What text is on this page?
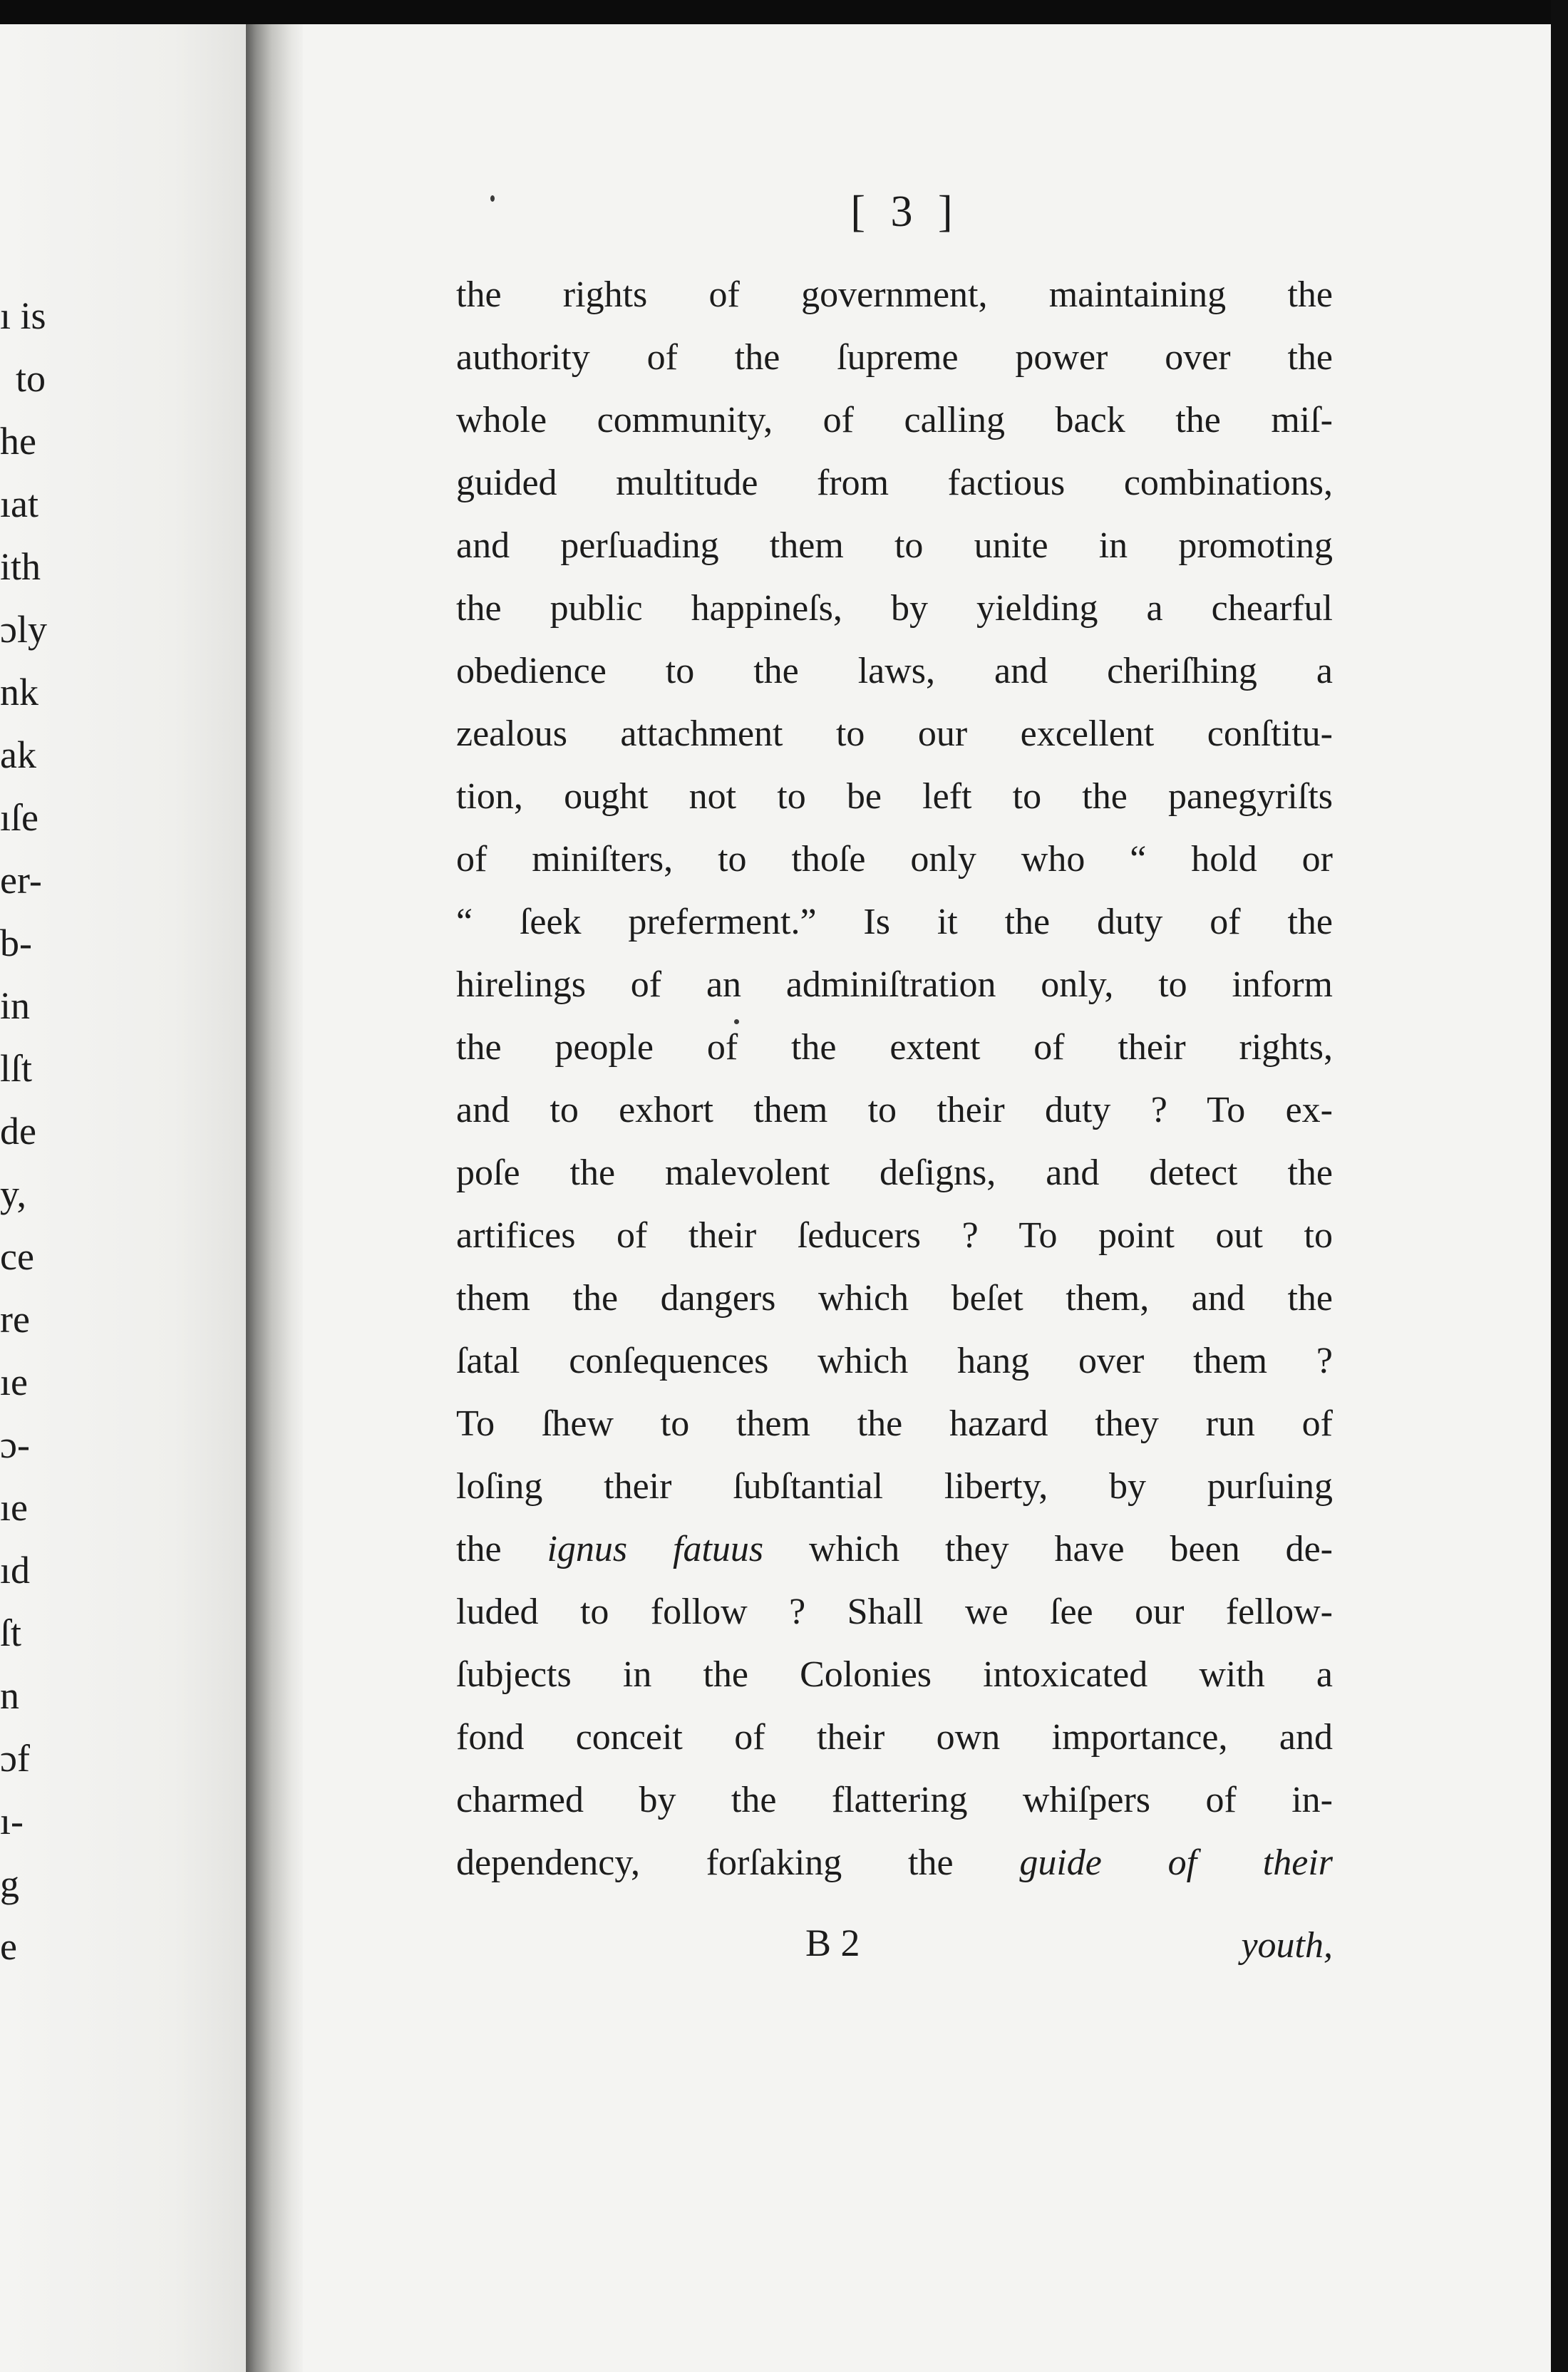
ı is
to
he
ıat
ith
ɔly
nk
ak
ıſe
er-
b-
in
lſt
de
y,
ce
re
ıe
ɔ-
ıe
ıd
ſt
n
ɔf
ı-
g
e
[ 3 ]
the rights of government, maintaining the
authority of the ſupreme power over the
whole community, of calling back the miſ-
guided multitude from factious combinations,
and perſuading them to unite in promoting
the public happineſs, by yielding a chearful
obedience to the laws, and cheriſhing a
zealous attachment to our excellent conſtitu-
tion, ought not to be left to the panegyriſts
of miniſters, to thoſe only who “ hold or
“ ſeek preferment.” Is it the duty of the
hirelings of an adminiſtration only, to inform
the people of the extent of their rights,
and to exhort them to their duty ? To ex-
poſe the malevolent deſigns, and detect the
artifices of their ſeducers ? To point out to
them the dangers which beſet them, and the
ſatal conſequences which hang over them ?
To ſhew to them the hazard they run of
loſing their ſubſtantial liberty, by purſuing
the ignus fatuus which they have been de-
luded to follow ? Shall we ſee our fellow-
ſubjects in the Colonies intoxicated with a
fond conceit of their own importance, and
charmed by the flattering whiſpers of in-
dependency, forſaking the guide of their
B 2	youth,
